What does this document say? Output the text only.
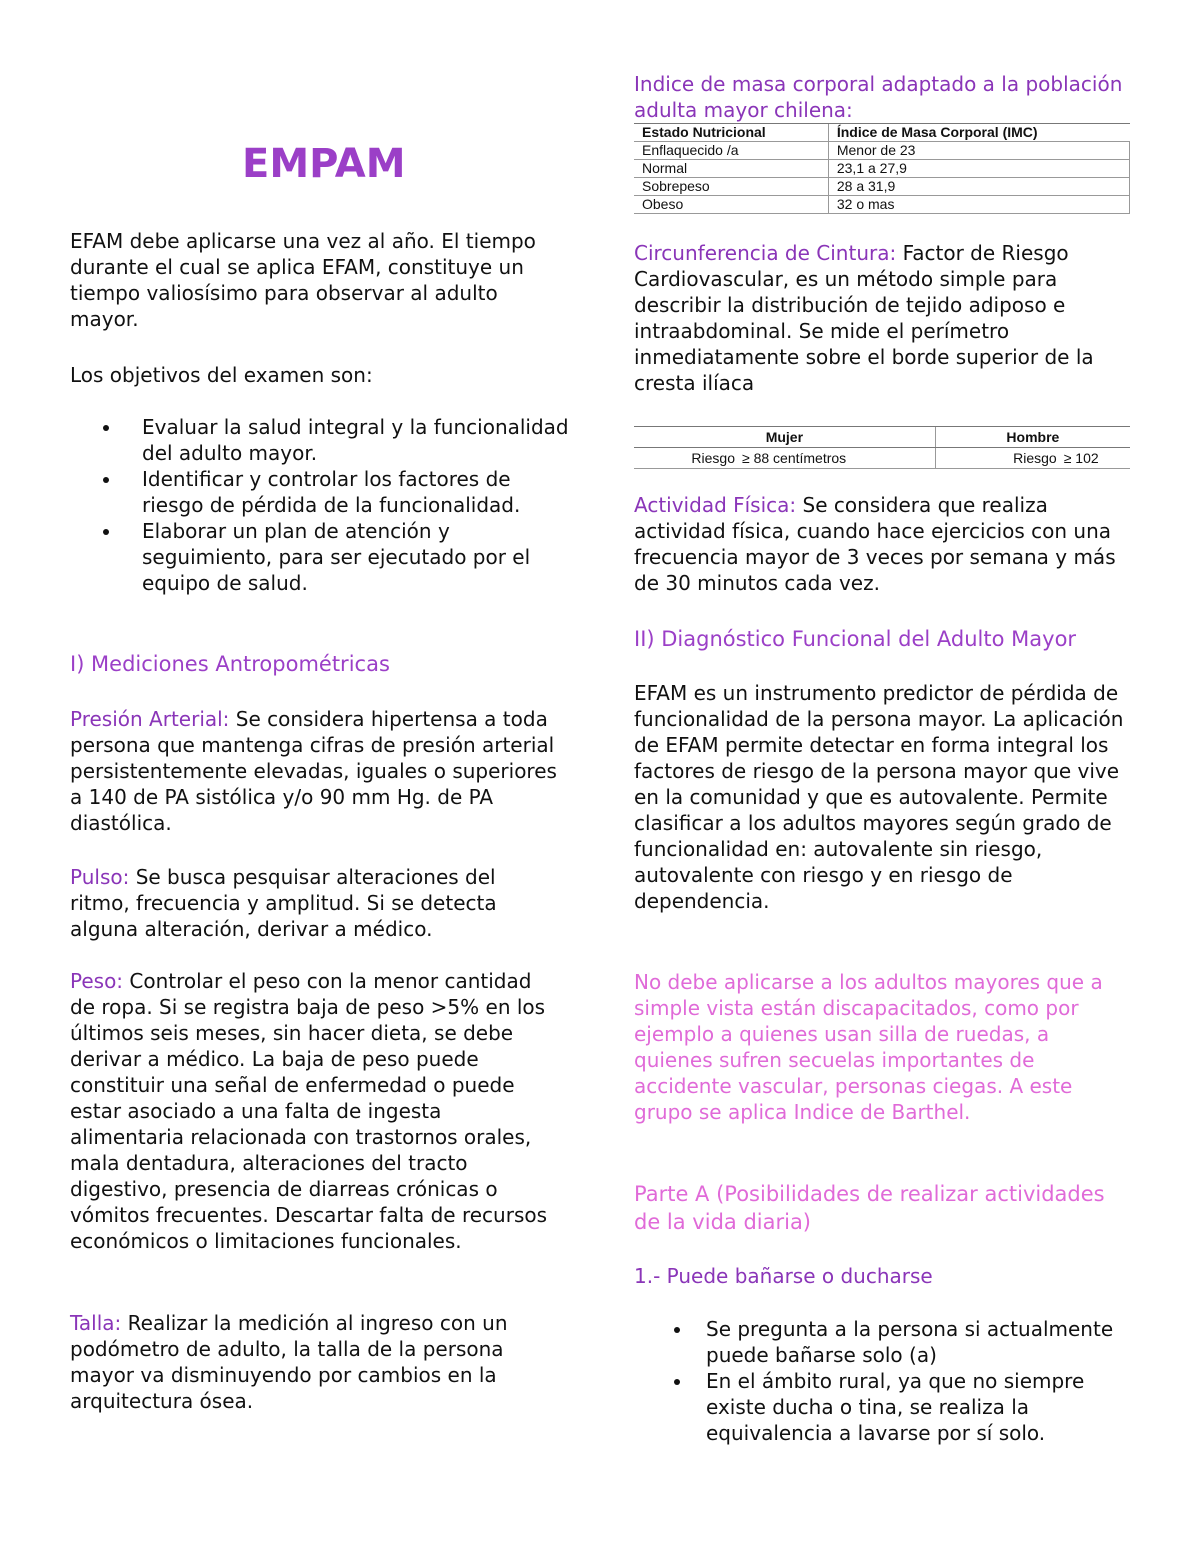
EMPAM

EFAM debe aplicarse una vez al año. El tiempo durante el cual se aplica EFAM, constituye un tiempo valiosísimo para observar al adulto mayor.

Los objetivos del examen son:

Evaluar la salud integral y la funcionalidad del adulto mayor.
Identificar y controlar los factores de riesgo de pérdida de la funcionalidad.
Elaborar un plan de atención y seguimiento, para ser ejecutado por el equipo de salud.

I) Mediciones Antropométricas

Presión Arterial: Se considera hipertensa a toda persona que mantenga cifras de presión arterial persistentemente elevadas, iguales o superiores a 140 de PA sistólica y/o 90 mm Hg. de PA diastólica.

Pulso: Se busca pesquisar alteraciones del ritmo, frecuencia y amplitud. Si se detecta alguna alteración, derivar a médico.

Peso: Controlar el peso con la menor cantidad de ropa. Si se registra baja de peso >5% en los últimos seis meses, sin hacer dieta, se debe derivar a médico. La baja de peso puede constituir una señal de enfermedad o puede estar asociado a una falta de ingesta alimentaria relacionada con trastornos orales, mala dentadura, alteraciones del tracto digestivo, presencia de diarreas crónicas o vómitos frecuentes. Descartar falta de recursos económicos o limitaciones funcionales.

Talla: Realizar la medición al ingreso con un podómetro de adulto, la talla de la persona mayor va disminuyendo por cambios en la arquitectura ósea.

Indice de masa corporal adaptado a la población adulta mayor chilena:

Estado Nutricional	Índice de Masa Corporal (IMC)
Enflaquecido /a	Menor de 23
Normal	23,1 a 27,9
Sobrepeso	28 a 31,9
Obeso	32 o mas

Circunferencia de Cintura: Factor de Riesgo Cardiovascular, es un método simple para describir la distribución de tejido adiposo e intraabdominal. Se mide el perímetro inmediatamente sobre el borde superior de la cresta ilíaca

Mujer		Hombre	
Riesgo	≥ 88 centímetros	Riesgo	≥ 102

Actividad Física: Se considera que realiza actividad física, cuando hace ejercicios con una frecuencia mayor de 3 veces por semana y más de 30 minutos cada vez.

II) Diagnóstico Funcional del Adulto Mayor

EFAM es un instrumento predictor de pérdida de funcionalidad de la persona mayor. La aplicación de EFAM permite detectar en forma integral los factores de riesgo de la persona mayor que vive en la comunidad y que es autovalente. Permite clasificar a los adultos mayores según grado de funcionalidad en: autovalente sin riesgo, autovalente con riesgo y en riesgo de dependencia.

No debe aplicarse a los adultos mayores que a simple vista están discapacitados, como por ejemplo a quienes usan silla de ruedas, a quienes sufren secuelas importantes de accidente vascular, personas ciegas. A este grupo se aplica Indice de Barthel.

Parte A (Posibilidades de realizar actividades de la vida diaria)

1.- Puede bañarse o ducharse

Se pregunta a la persona si actualmente puede bañarse solo (a)
En el ámbito rural, ya que no siempre existe ducha o tina, se realiza la equivalencia a lavarse por sí solo.
